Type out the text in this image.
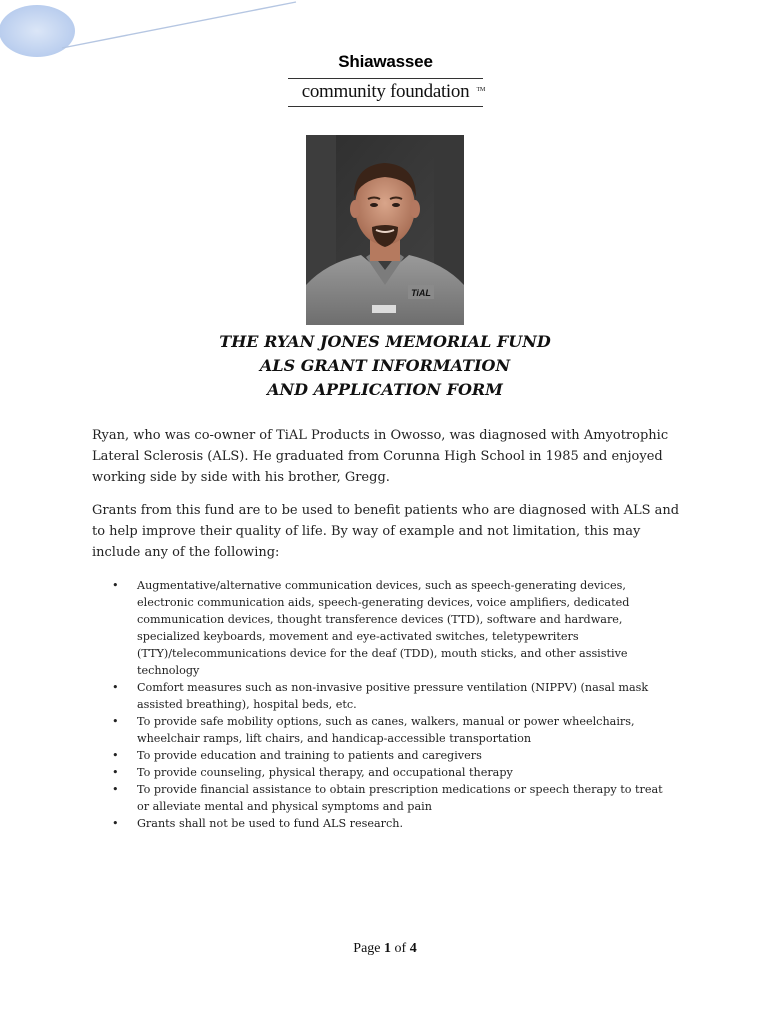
Shiawassee
community foundation TM
TiAL
THE RYAN JONES MEMORIAL FUND
ALS GRANT INFORMATION
AND APPLICATION FORM
Ryan, who was co-owner of TiAL Products in Owosso, was diagnosed with Amyotrophic Lateral Sclerosis (ALS). He graduated from Corunna High School in 1985 and enjoyed working side by side with his brother, Gregg.
Grants from this fund are to be used to benefit patients who are diagnosed with ALS and to help improve their quality of life. By way of example and not limitation, this may include any of the following:
• Augmentative/alternative communication devices, such as speech-generating devices, electronic communication aids, speech-generating devices, voice amplifiers, dedicated communication devices, thought transference devices (TTD), software and hardware, specialized keyboards, movement and eye-activated switches, teletypewriters (TTY)/telecommunications device for the deaf (TDD), mouth sticks, and other assistive technology
• Comfort measures such as non-invasive positive pressure ventilation (NIPPV) (nasal mask assisted breathing), hospital beds, etc.
• To provide safe mobility options, such as canes, walkers, manual or power wheelchairs, wheelchair ramps, lift chairs, and handicap-accessible transportation
• To provide education and training to patients and caregivers
• To provide counseling, physical therapy, and occupational therapy
• To provide financial assistance to obtain prescription medications or speech therapy to treat or alleviate mental and physical symptoms and pain
• Grants shall not be used to fund ALS research.
Page 1 of 4
